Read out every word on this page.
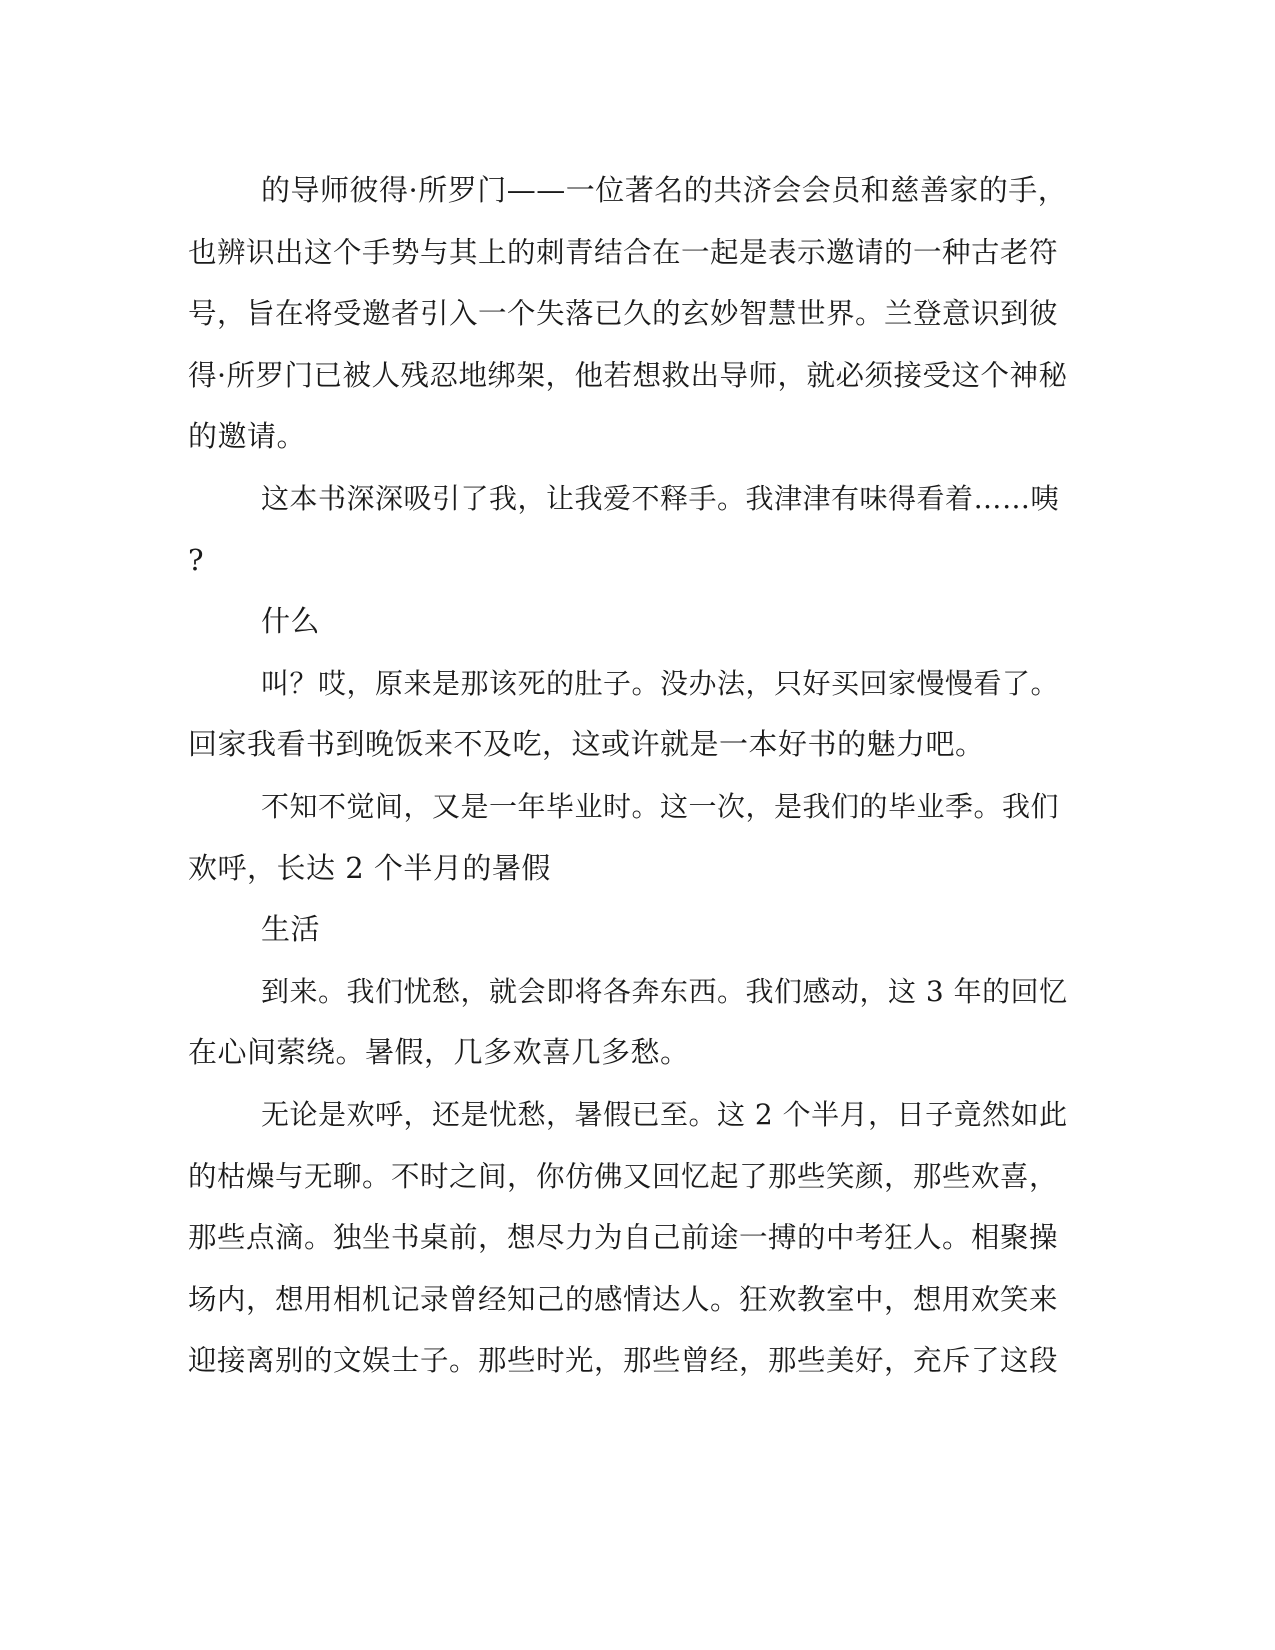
的导师彼得·所罗门——一位著名的共济会会员和慈善家的手，
也辨识出这个手势与其上的刺青结合在一起是表示邀请的一种古老符
号，旨在将受邀者引入一个失落已久的玄妙智慧世界。兰登意识到彼
得·所罗门已被人残忍地绑架，他若想救出导师，就必须接受这个神秘
的邀请。
这本书深深吸引了我，让我爱不释手。我津津有味得看着……咦
?
什么
叫？哎，原来是那该死的肚子。没办法，只好买回家慢慢看了。
回家我看书到晚饭来不及吃，这或许就是一本好书的魅力吧。
不知不觉间，又是一年毕业时。这一次，是我们的毕业季。我们
欢呼，长达 2 个半月的暑假
生活
到来。我们忧愁，就会即将各奔东西。我们感动，这 3 年的回忆
在心间萦绕。暑假，几多欢喜几多愁。
无论是欢呼，还是忧愁，暑假已至。这 2 个半月，日子竟然如此
的枯燥与无聊。不时之间，你仿佛又回忆起了那些笑颜，那些欢喜，
那些点滴。独坐书桌前，想尽力为自己前途一搏的中考狂人。相聚操
场内，想用相机记录曾经知己的感情达人。狂欢教室中，想用欢笑来
迎接离别的文娱士子。那些时光，那些曾经，那些美好，充斥了这段
